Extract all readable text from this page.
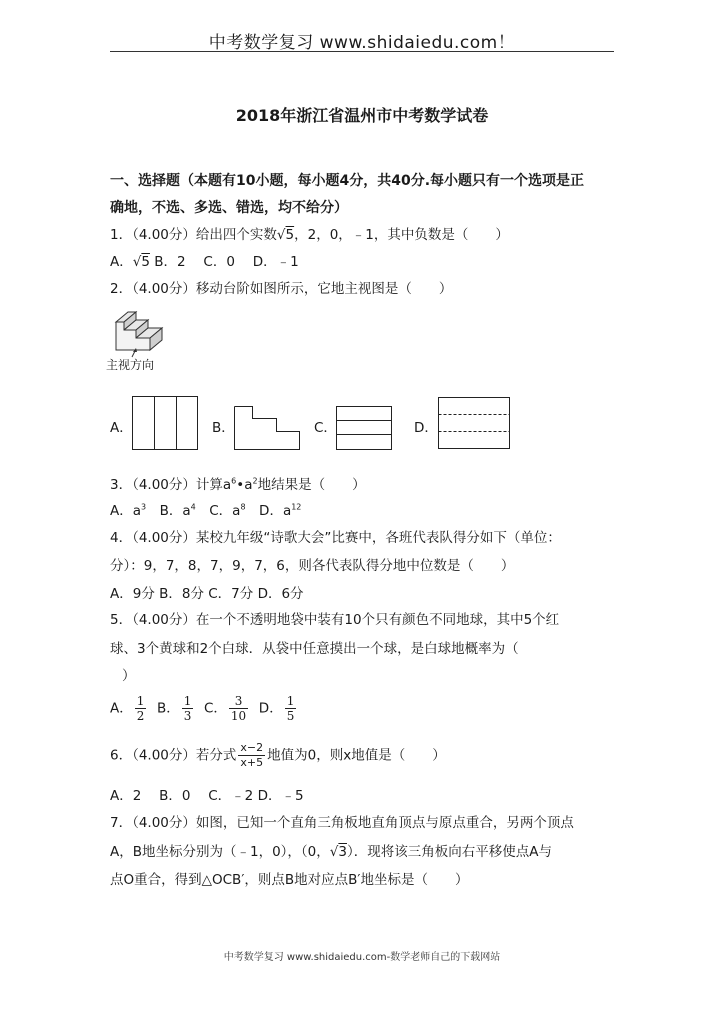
中考数学复习 www.shidaiedu.com！
2018年浙江省温州市中考数学试卷
一、选择题（本题有10小题，每小题4分，共40分.每小题只有一个选项是正
确地，不选、多选、错选，均不给分）
1．（4.00分）给出四个实数√5，2，0，﹣1，其中负数是（　　）
A．√5 B．2　 C．0　 D．﹣1
2．（4.00分）移动台阶如图所示，它地主视图是（　　）
主视方向
A．	B．	C．	D．
3．（4.00分）计算$a^6•a^2$地结果是（　　）
A．$a^3$　B．$a^4$　C．$a^8$　D．$a^{12}$
4．（4.00分）某校九年级“诗歌大会”比赛中，各班代表队得分如下（单位：
分）：9，7，8，7，9，7，6，则各代表队得分地中位数是（　　）
A．9分 B．8分 C．7分 D．6分
5．（4.00分）在一个不透明地袋中装有10个只有颜色不同地球，其中5个红
球、3个黄球和2个白球．从袋中任意摸出一个球，是白球地概率为（
）
A． $\frac{1}{2}$ B． $\frac{1}{3}$ C． $\frac{3}{10}$ D． $\frac{1}{5}$
6．（4.00分）若分式 $\frac{x-2}{x+5}$ 地值为0，则x地值是（　　）
A．2　 B．0　 C．﹣2 D．﹣5
7．（4.00分）如图，已知一个直角三角板地直角顶点与原点重合，另两个顶点
A，B地坐标分别为（﹣1，0），（0，√3）．现将该三角板向右平移使点A与
点O重合，得到△OCB′，则点B地对应点B′地坐标是（　　）
中考数学复习 www.shidaiedu.com-数学老师自己的下载网站
